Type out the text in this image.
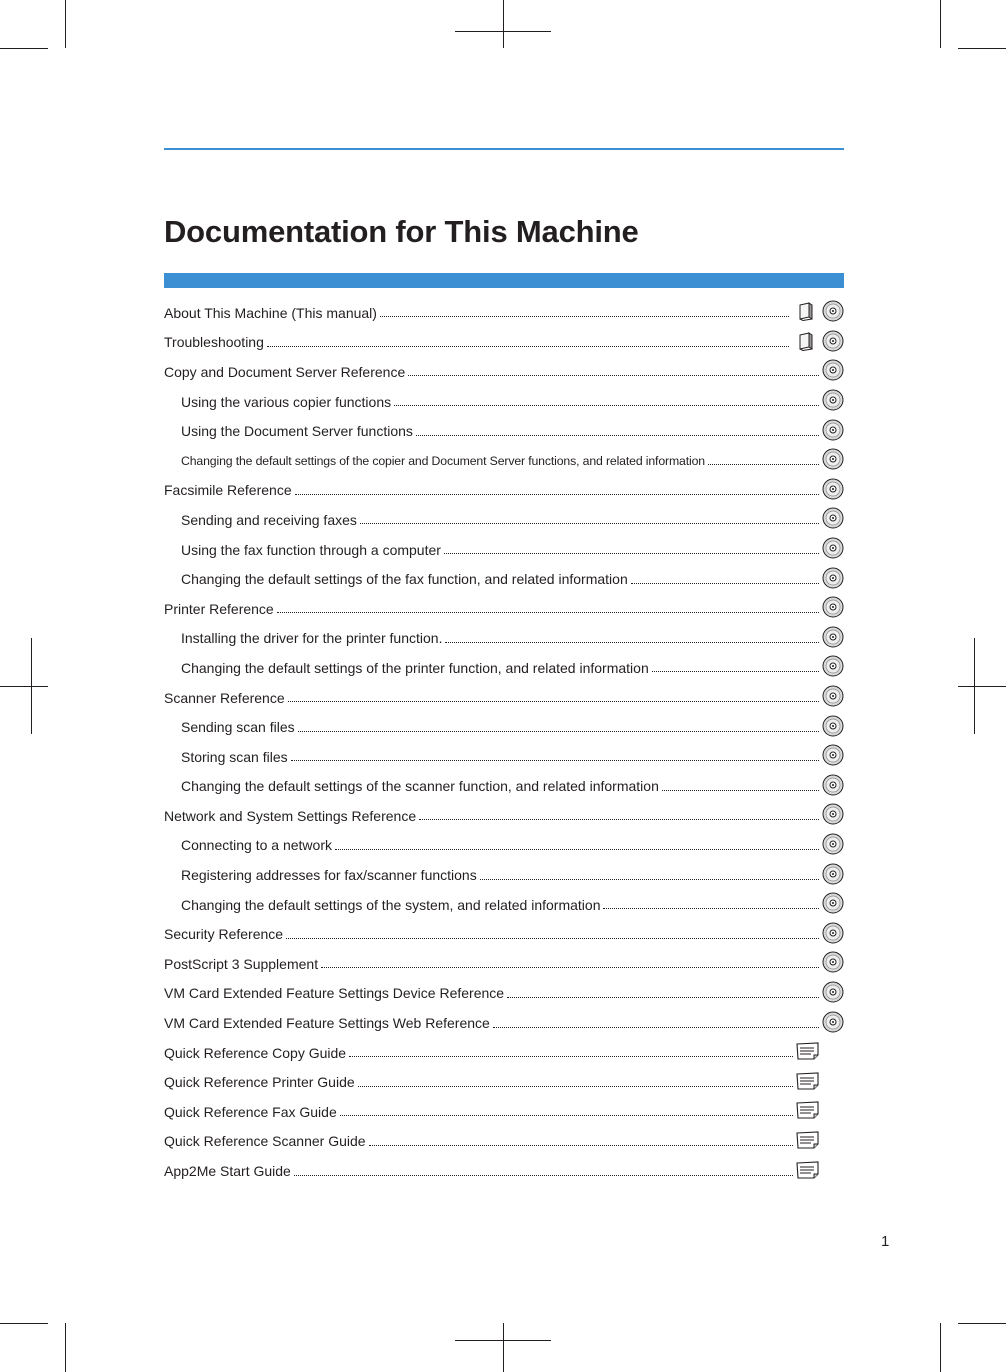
Documentation for This Machine
About This Machine (This manual)
Troubleshooting
Copy and Document Server Reference
Using the various copier functions
Using the Document Server functions
Changing the default settings of the copier and Document Server functions, and related information
Facsimile Reference
Sending and receiving faxes
Using the fax function through a computer
Changing the default settings of the fax function, and related information
Printer Reference
Installing the driver for the printer function.
Changing the default settings of the printer function, and related information
Scanner Reference
Sending scan files
Storing scan files
Changing the default settings of the scanner function, and related information
Network and System Settings Reference
Connecting to a network
Registering addresses for fax/scanner functions
Changing the default settings of the system, and related information
Security Reference
PostScript 3 Supplement
VM Card Extended Feature Settings Device Reference
VM Card Extended Feature Settings Web Reference
Quick Reference Copy Guide
Quick Reference Printer Guide
Quick Reference Fax Guide
Quick Reference Scanner Guide
App2Me Start Guide
1
